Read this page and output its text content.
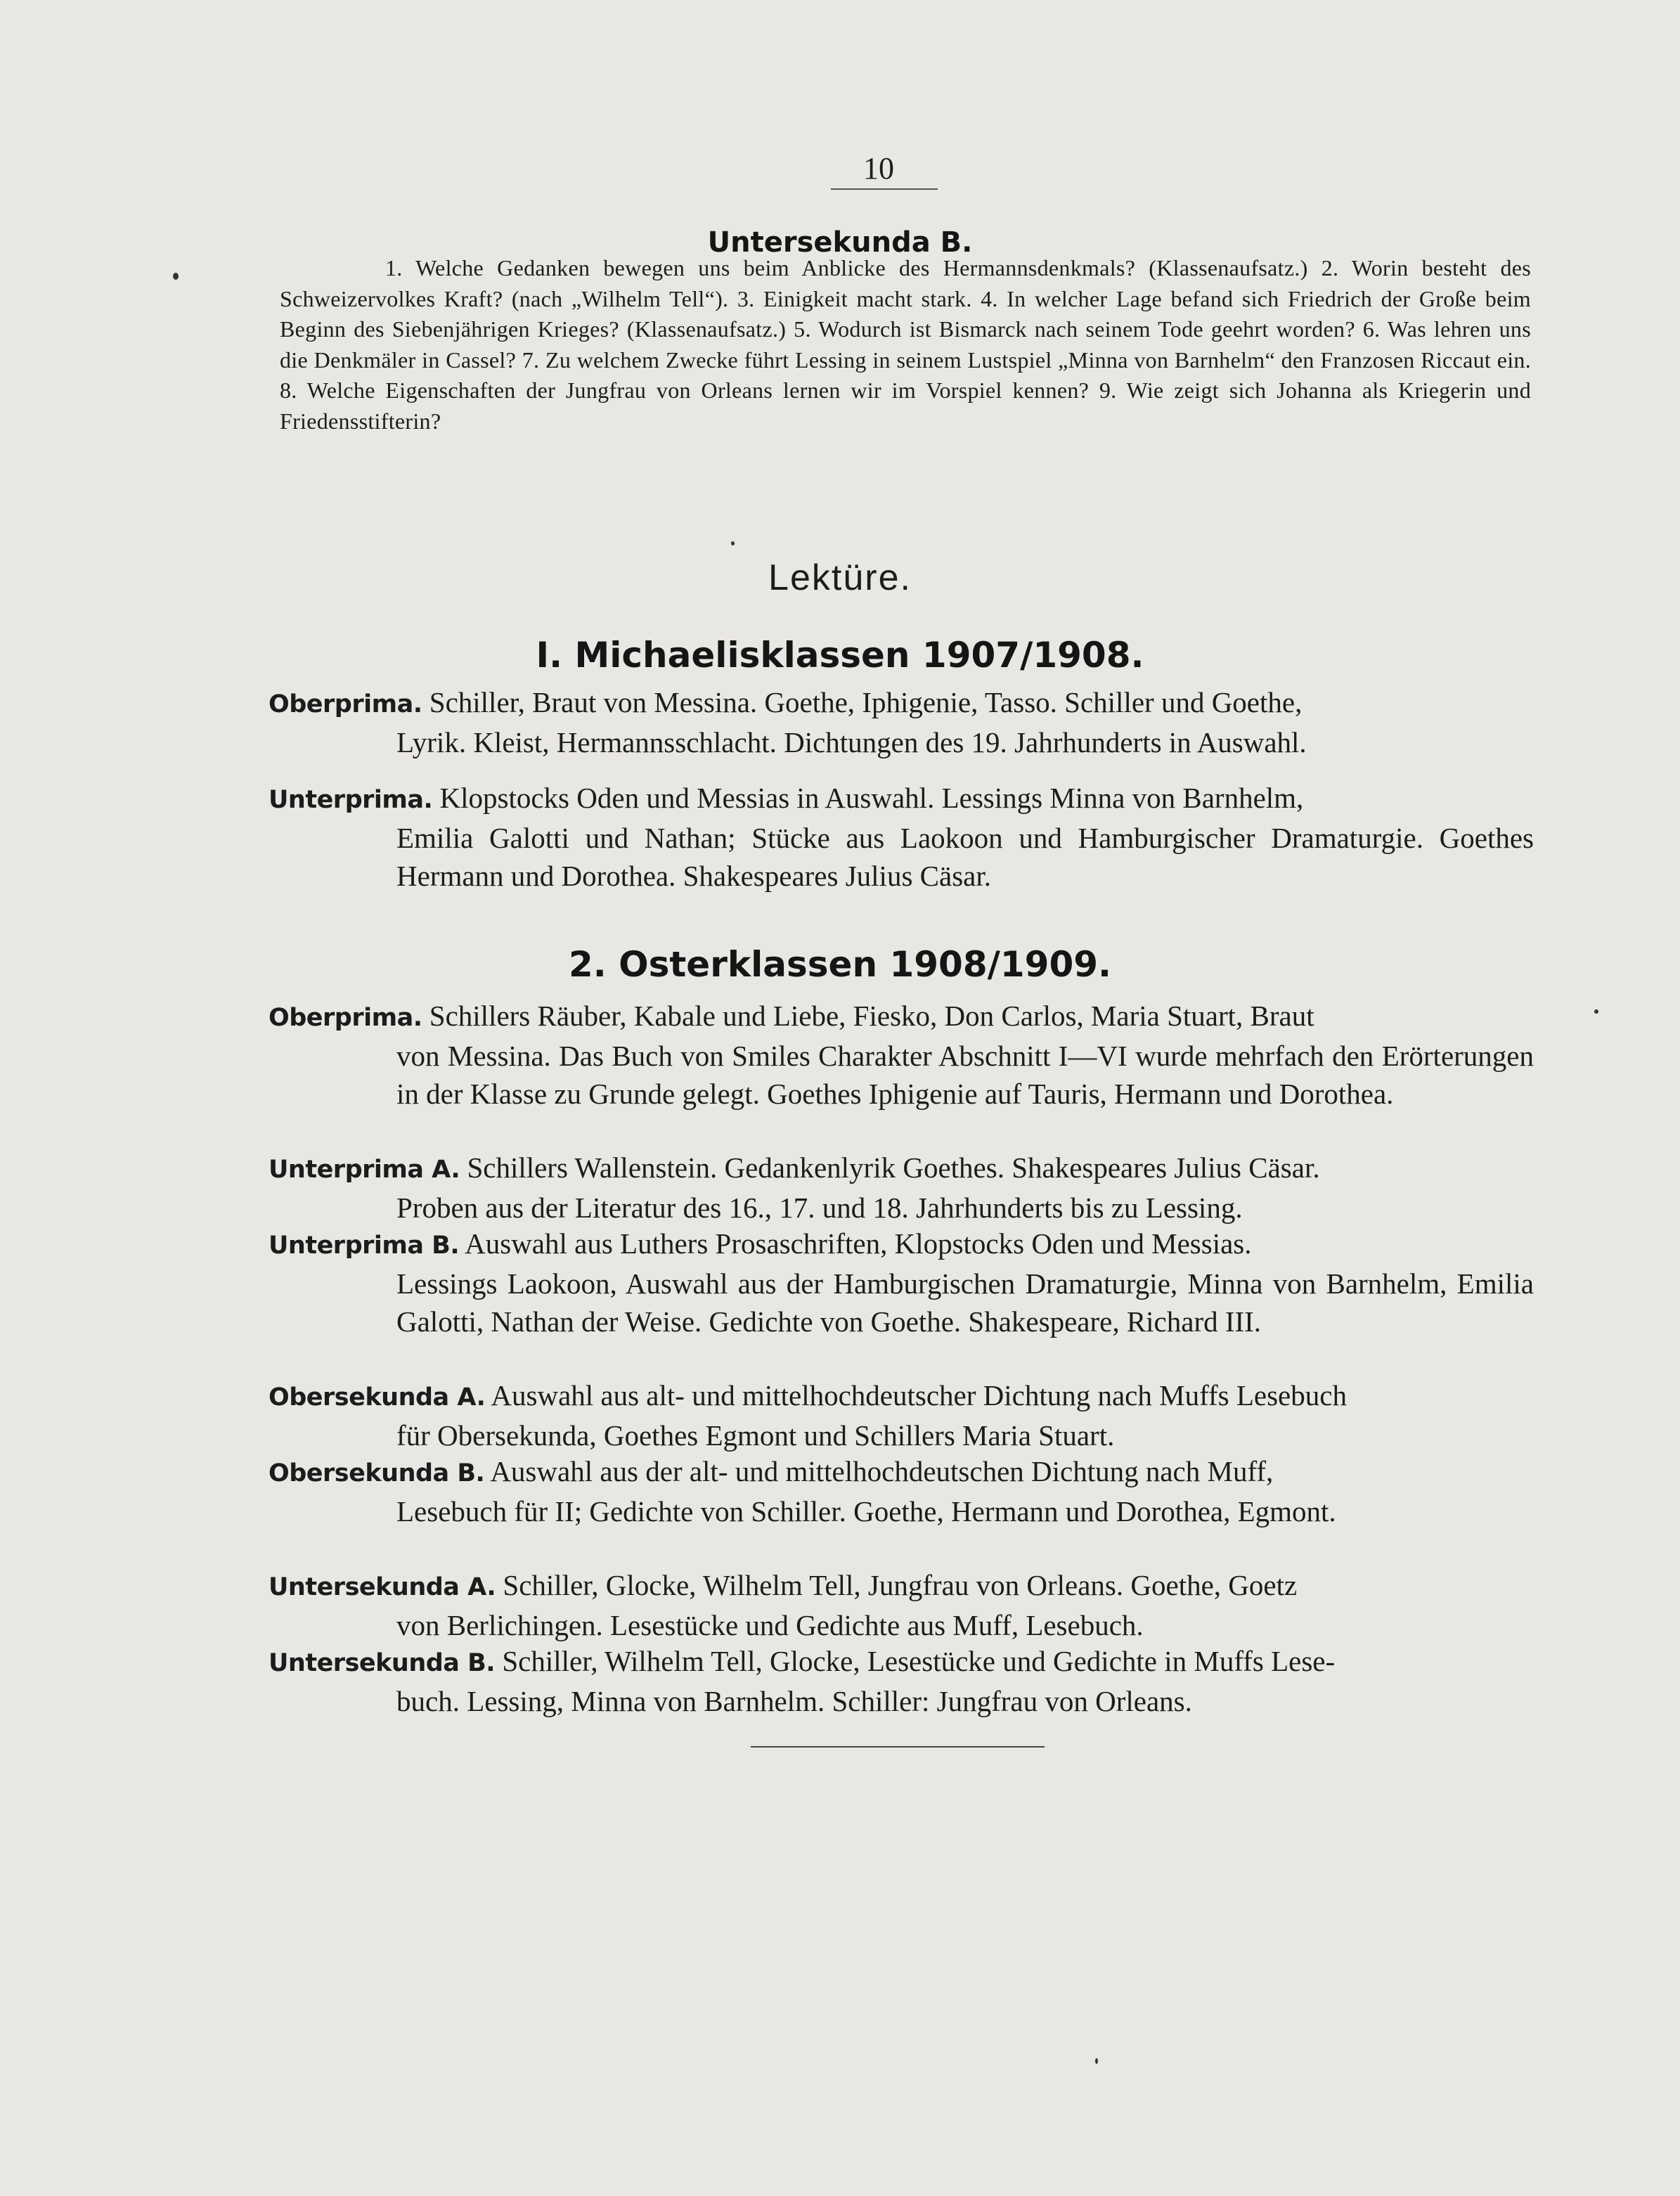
10
Untersekunda B.
1. Welche Gedanken bewegen uns beim Anblicke des Hermannsdenkmals? (Klassenaufsatz.) 2. Worin besteht des Schweizervolkes Kraft? (nach „Wilhelm Tell“). 3. Einigkeit macht stark. 4. In welcher Lage befand sich Friedrich der Große beim Beginn des Siebenjährigen Krieges? (Klassenaufsatz.) 5. Wodurch ist Bismarck nach seinem Tode geehrt worden? 6. Was lehren uns die Denkmäler in Cassel? 7. Zu welchem Zwecke führt Lessing in seinem Lustspiel „Minna von Barnhelm“ den Franzosen Riccaut ein. 8. Welche Eigenschaften der Jungfrau von Orleans lernen wir im Vorspiel kennen? 9. Wie zeigt sich Johanna als Kriegerin und Friedensstifterin?
Lektüre.
I. Michaelisklassen 1907/1908.
Oberprima. Schiller, Braut von Messina. Goethe, Iphigenie, Tasso. Schiller und Goethe,
Lyrik. Kleist, Hermannsschlacht. Dichtungen des 19. Jahrhunderts in Auswahl.
Unterprima. Klopstocks Oden und Messias in Auswahl. Lessings Minna von Barnhelm,
Emilia Galotti und Nathan; Stücke aus Laokoon und Hamburgischer Dramaturgie. Goethes Hermann und Dorothea. Shakespeares Julius Cäsar.
2. Osterklassen 1908/1909.
Oberprima. Schillers Räuber, Kabale und Liebe, Fiesko, Don Carlos, Maria Stuart, Braut
von Messina. Das Buch von Smiles Charakter Abschnitt I—VI wurde mehrfach den Erörterungen in der Klasse zu Grunde gelegt. Goethes Iphigenie auf Tauris, Hermann und Dorothea.
Unterprima A. Schillers Wallenstein. Gedankenlyrik Goethes. Shakespeares Julius Cäsar.
Proben aus der Literatur des 16., 17. und 18. Jahrhunderts bis zu Lessing.
Unterprima B. Auswahl aus Luthers Prosaschriften, Klopstocks Oden und Messias.
Lessings Laokoon, Auswahl aus der Hamburgischen Dramaturgie, Minna von Barnhelm, Emilia Galotti, Nathan der Weise. Gedichte von Goethe. Shakespeare, Richard III.
Obersekunda A. Auswahl aus alt- und mittelhochdeutscher Dichtung nach Muffs Lesebuch
für Obersekunda, Goethes Egmont und Schillers Maria Stuart.
Obersekunda B. Auswahl aus der alt- und mittelhochdeutschen Dichtung nach Muff,
Lesebuch für II; Gedichte von Schiller. Goethe, Hermann und Dorothea, Egmont.
Untersekunda A. Schiller, Glocke, Wilhelm Tell, Jungfrau von Orleans. Goethe, Goetz
von Berlichingen. Lesestücke und Gedichte aus Muff, Lesebuch.
Untersekunda B. Schiller, Wilhelm Tell, Glocke, Lesestücke und Gedichte in Muffs Lese-
buch. Lessing, Minna von Barnhelm. Schiller: Jungfrau von Orleans.
